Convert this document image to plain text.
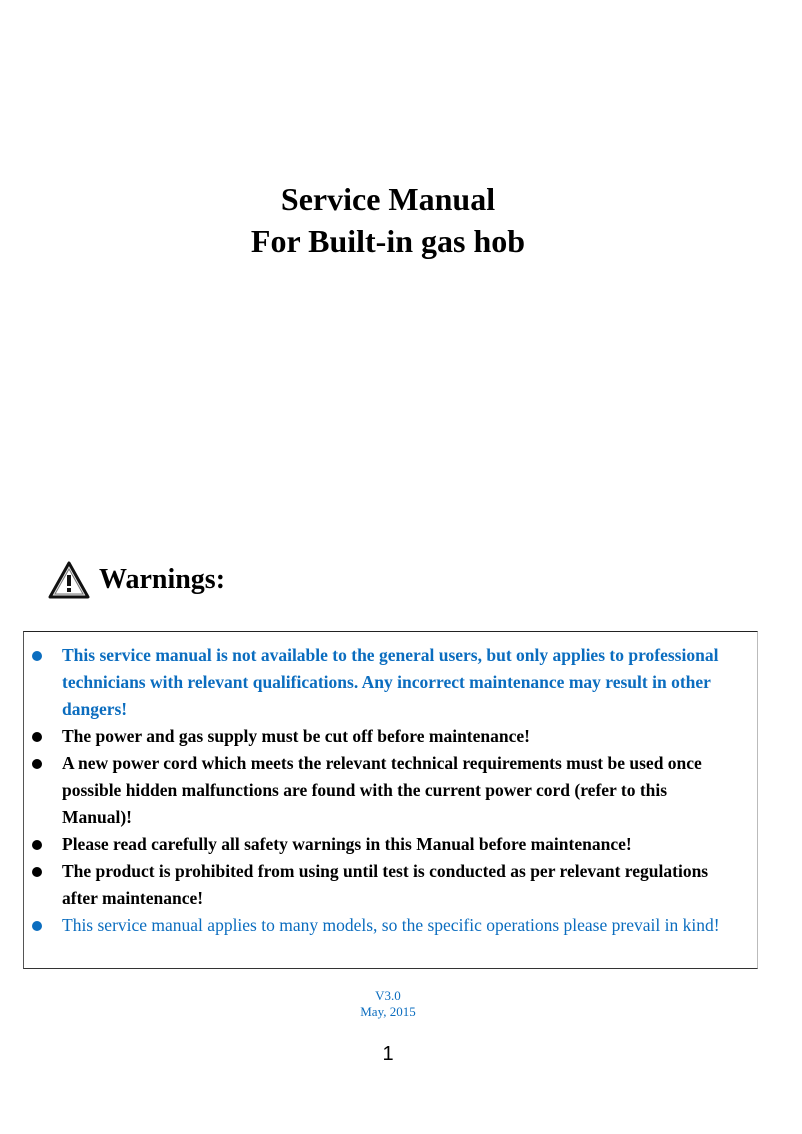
Service Manual

For Built-in gas hob

Warnings:
This service manual is not available to the general users, but only applies to professional technicians with relevant qualifications. Any incorrect maintenance may result in other dangers!
The power and gas supply must be cut off before maintenance!
A new power cord which meets the relevant technical requirements must be used once possible hidden malfunctions are found with the current power cord (refer to this Manual)!
Please read carefully all safety warnings in this Manual before maintenance!
The product is prohibited from using until test is conducted as per relevant regulations after maintenance!
This service manual applies to many models, so the specific operations please prevail in kind!
V3.0
May, 2015
1
